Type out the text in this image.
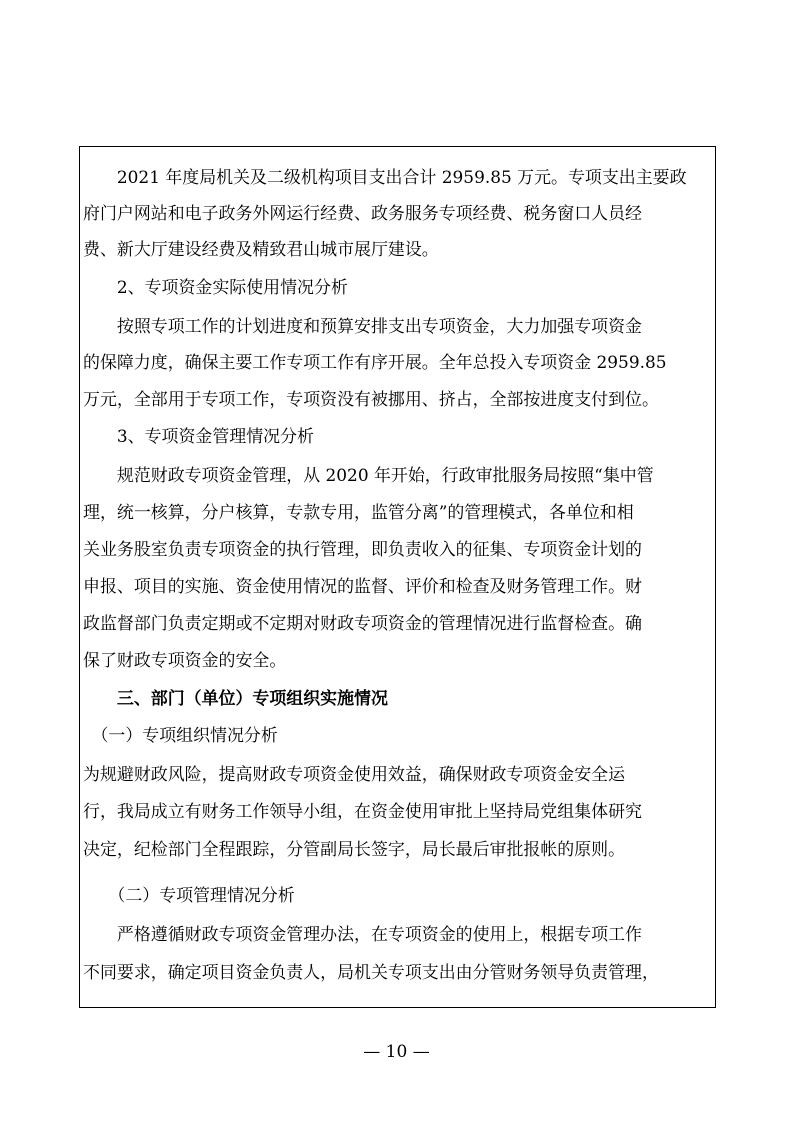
　　2021 年度局机关及二级机构项目支出合计 2959.85 万元。专项支出主要政
府门户网站和电子政务外网运行经费、政务服务专项经费、税务窗口人员经
费、新大厅建设经费及精致君山城市展厅建设。
　　2、专项资金实际使用情况分析
　　按照专项工作的计划进度和预算安排支出专项资金，大力加强专项资金
的保障力度，确保主要工作专项工作有序开展。全年总投入专项资金 2959.85
万元，全部用于专项工作，专项资没有被挪用、挤占，全部按进度支付到位。
　　3、专项资金管理情况分析
　　规范财政专项资金管理，从 2020 年开始，行政审批服务局按照“集中管
理，统一核算，分户核算，专款专用，监管分离”的管理模式，各单位和相
关业务股室负责专项资金的执行管理，即负责收入的征集、专项资金计划的
申报、项目的实施、资金使用情况的监督、评价和检查及财务管理工作。财
政监督部门负责定期或不定期对财政专项资金的管理情况进行监督检查。确
保了财政专项资金的安全。
　　三、部门（单位）专项组织实施情况
　（一）专项组织情况分析
为规避财政风险，提高财政专项资金使用效益，确保财政专项资金安全运
行，我局成立有财务工作领导小组，在资金使用审批上坚持局党组集体研究
决定，纪检部门全程跟踪，分管副局长签字，局长最后审批报帐的原则。
　　（二）专项管理情况分析
　　严格遵循财政专项资金管理办法，在专项资金的使用上，根据专项工作
不同要求，确定项目资金负责人，局机关专项支出由分管财务领导负责管理，
— 10 —
